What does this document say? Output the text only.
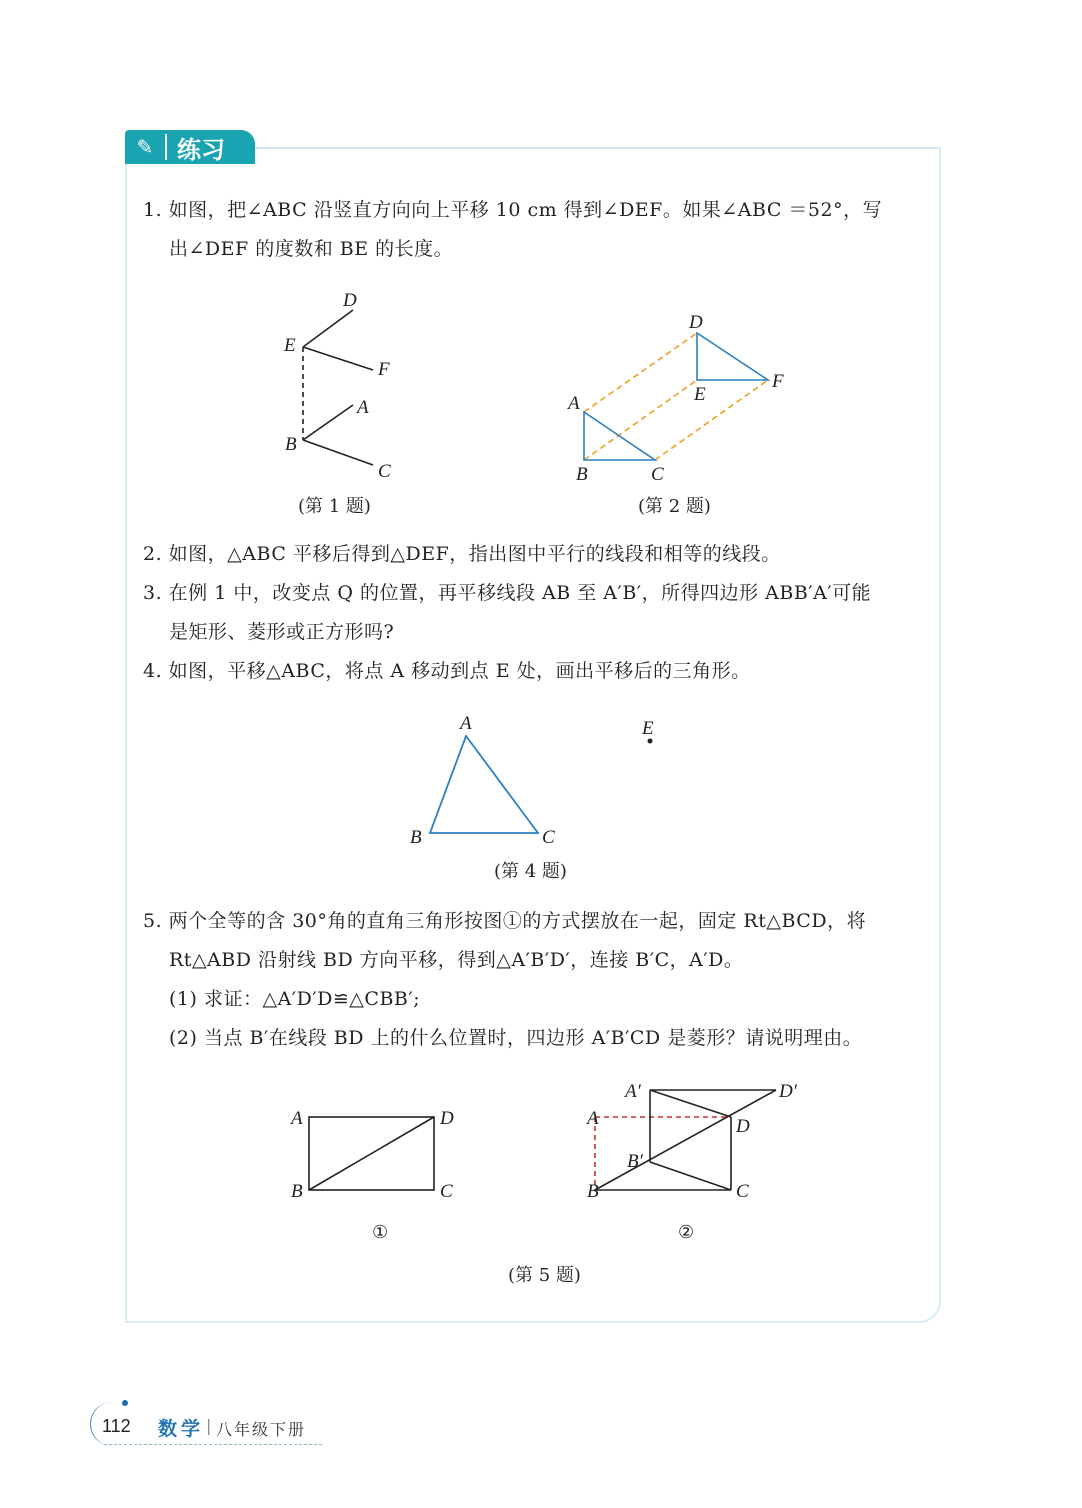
✎ 练习
1. 如图，把∠ABC 沿竖直方向向上平移 10 cm 得到∠DEF。如果∠ABC ＝52°，写
出∠DEF 的度数和 BE 的长度。
2. 如图，△ABC 平移后得到△DEF，指出图中平行的线段和相等的线段。
3. 在例 1 中，改变点 Q 的位置，再平移线段 AB 至 A′B′，所得四边形 ABB′A′可能
是矩形、菱形或正方形吗?
4. 如图，平移△ABC，将点 A 移动到点 E 处，画出平移后的三角形。
5. 两个全等的含 30°角的直角三角形按图①的方式摆放在一起，固定 Rt△BCD，将
Rt△ABD 沿射线 BD 方向平移，得到△A′B′D′，连接 B′C，A′D。
(1) 求证：△A′D′D≌△CBB′;
(2) 当点 B′在线段 BD 上的什么位置时，四边形 A′B′CD 是菱形？请说明理由。
(第 1 题)	(第 2 题)
(第 4 题)
①	②
(第 5 题)
D
E
F
A
B
C
D
E
F
A
B	C
A
B	C
E
A	D
B	C
A′	D′
A	D
B′
B	C
112 数学 | 八年级下册
